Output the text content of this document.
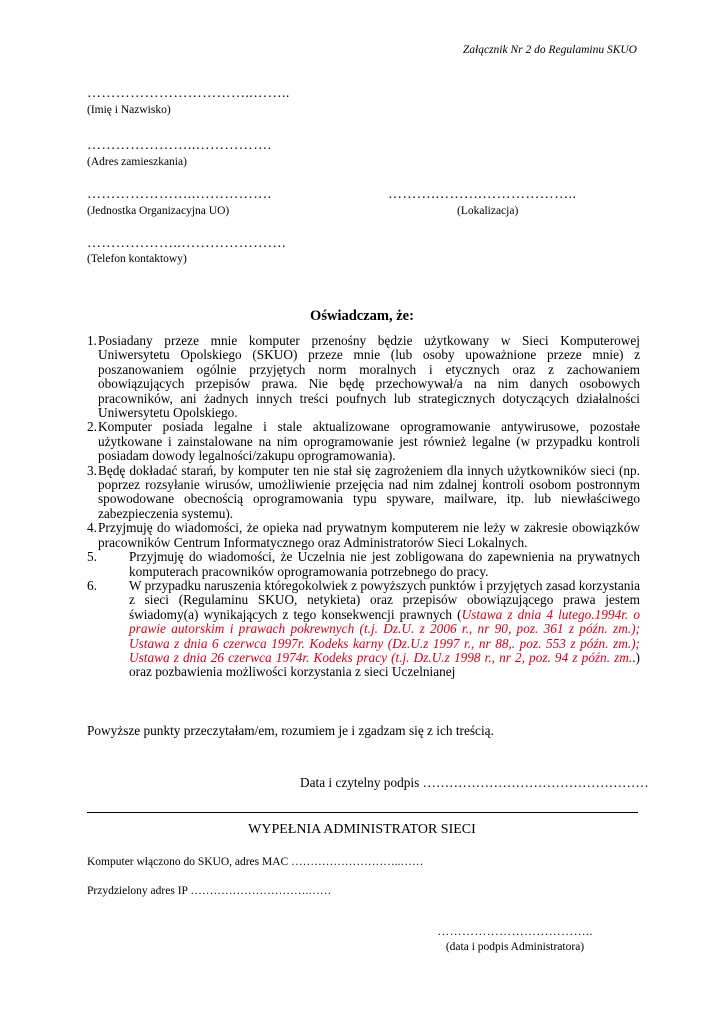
Załącznik Nr 2 do Regulaminu SKUO
……………………………..……..
(Imię i Nazwisko)
…………………..…………….
(Adres zamieszkania)
…………………..…………….
(Jednostka Organizacyjna UO)
……….……….………………..
(Lokalizacja)
………………..………………….
(Telefon kontaktowy)
Oświadczam, że:
1. Posiadany przeze mnie komputer przenośny będzie użytkowany w Sieci Komputerowej Uniwersytetu Opolskiego (SKUO) przeze mnie (lub osoby upoważnione przeze mnie) z poszanowaniem ogólnie przyjętych norm moralnych i etycznych oraz z zachowaniem obowiązujących przepisów prawa. Nie będę przechowywał/a na nim danych osobowych pracowników, ani żadnych innych treści poufnych lub strategicznych dotyczących działalności Uniwersytetu Opolskiego.
2. Komputer posiada legalne i stale aktualizowane oprogramowanie antywirusowe, pozostałe użytkowane i zainstalowane na nim oprogramowanie jest również legalne (w przypadku kontroli posiadam dowody legalności/zakupu oprogramowania).
3. Będę dokładać starań, by komputer ten nie stał się zagrożeniem dla innych użytkowników sieci (np. poprzez rozsyłanie wirusów, umożliwienie przejęcia nad nim zdalnej kontroli osobom postronnym spowodowane obecnością oprogramowania typu spyware, mailware, itp. lub niewłaściwego zabezpieczenia systemu).
4. Przyjmuję do wiadomości, że opieka nad prywatnym komputerem nie leży w zakresie obowiązków pracowników Centrum Informatycznego oraz Administratorów Sieci Lokalnych.
5.	Przyjmuję do wiadomości, że Uczelnia nie jest zobligowana do zapewnienia na prywatnych komputerach pracowników oprogramowania potrzebnego do pracy.
6.	W przypadku naruszenia któregokolwiek z powyższych punktów i przyjętych zasad korzystania z sieci (Regulaminu SKUO, netykieta) oraz przepisów obowiązującego prawa jestem świadomy(a) wynikających z tego konsekwencji prawnych (Ustawa z dnia 4 lutego.1994r. o prawie autorskim i prawach pokrewnych (t.j. Dz.U. z 2006 r., nr 90, poz. 361 z późn. zm.); Ustawa z dnia 6 czerwca 1997r. Kodeks karny (Dz.U.z 1997 r., nr 88,. poz. 553 z późn. zm.); Ustawa z dnia 26 czerwca 1974r. Kodeks pracy (t.j. Dz.U.z 1998 r., nr 2, poz. 94 z późn. zm..) oraz pozbawienia możliwości korzystania z sieci Uczelnianej
Powyższe punkty przeczytałam/em, rozumiem je i zgadzam się z ich treścią.
Data i czytelny podpis ……………………………………………
WYPEŁNIA ADMINISTRATOR SIECI
Komputer włączono do SKUO, adres MAC ………………………..……
Przydzielony adres IP ………………………….……
………………………………..
(data i podpis Administratora)
